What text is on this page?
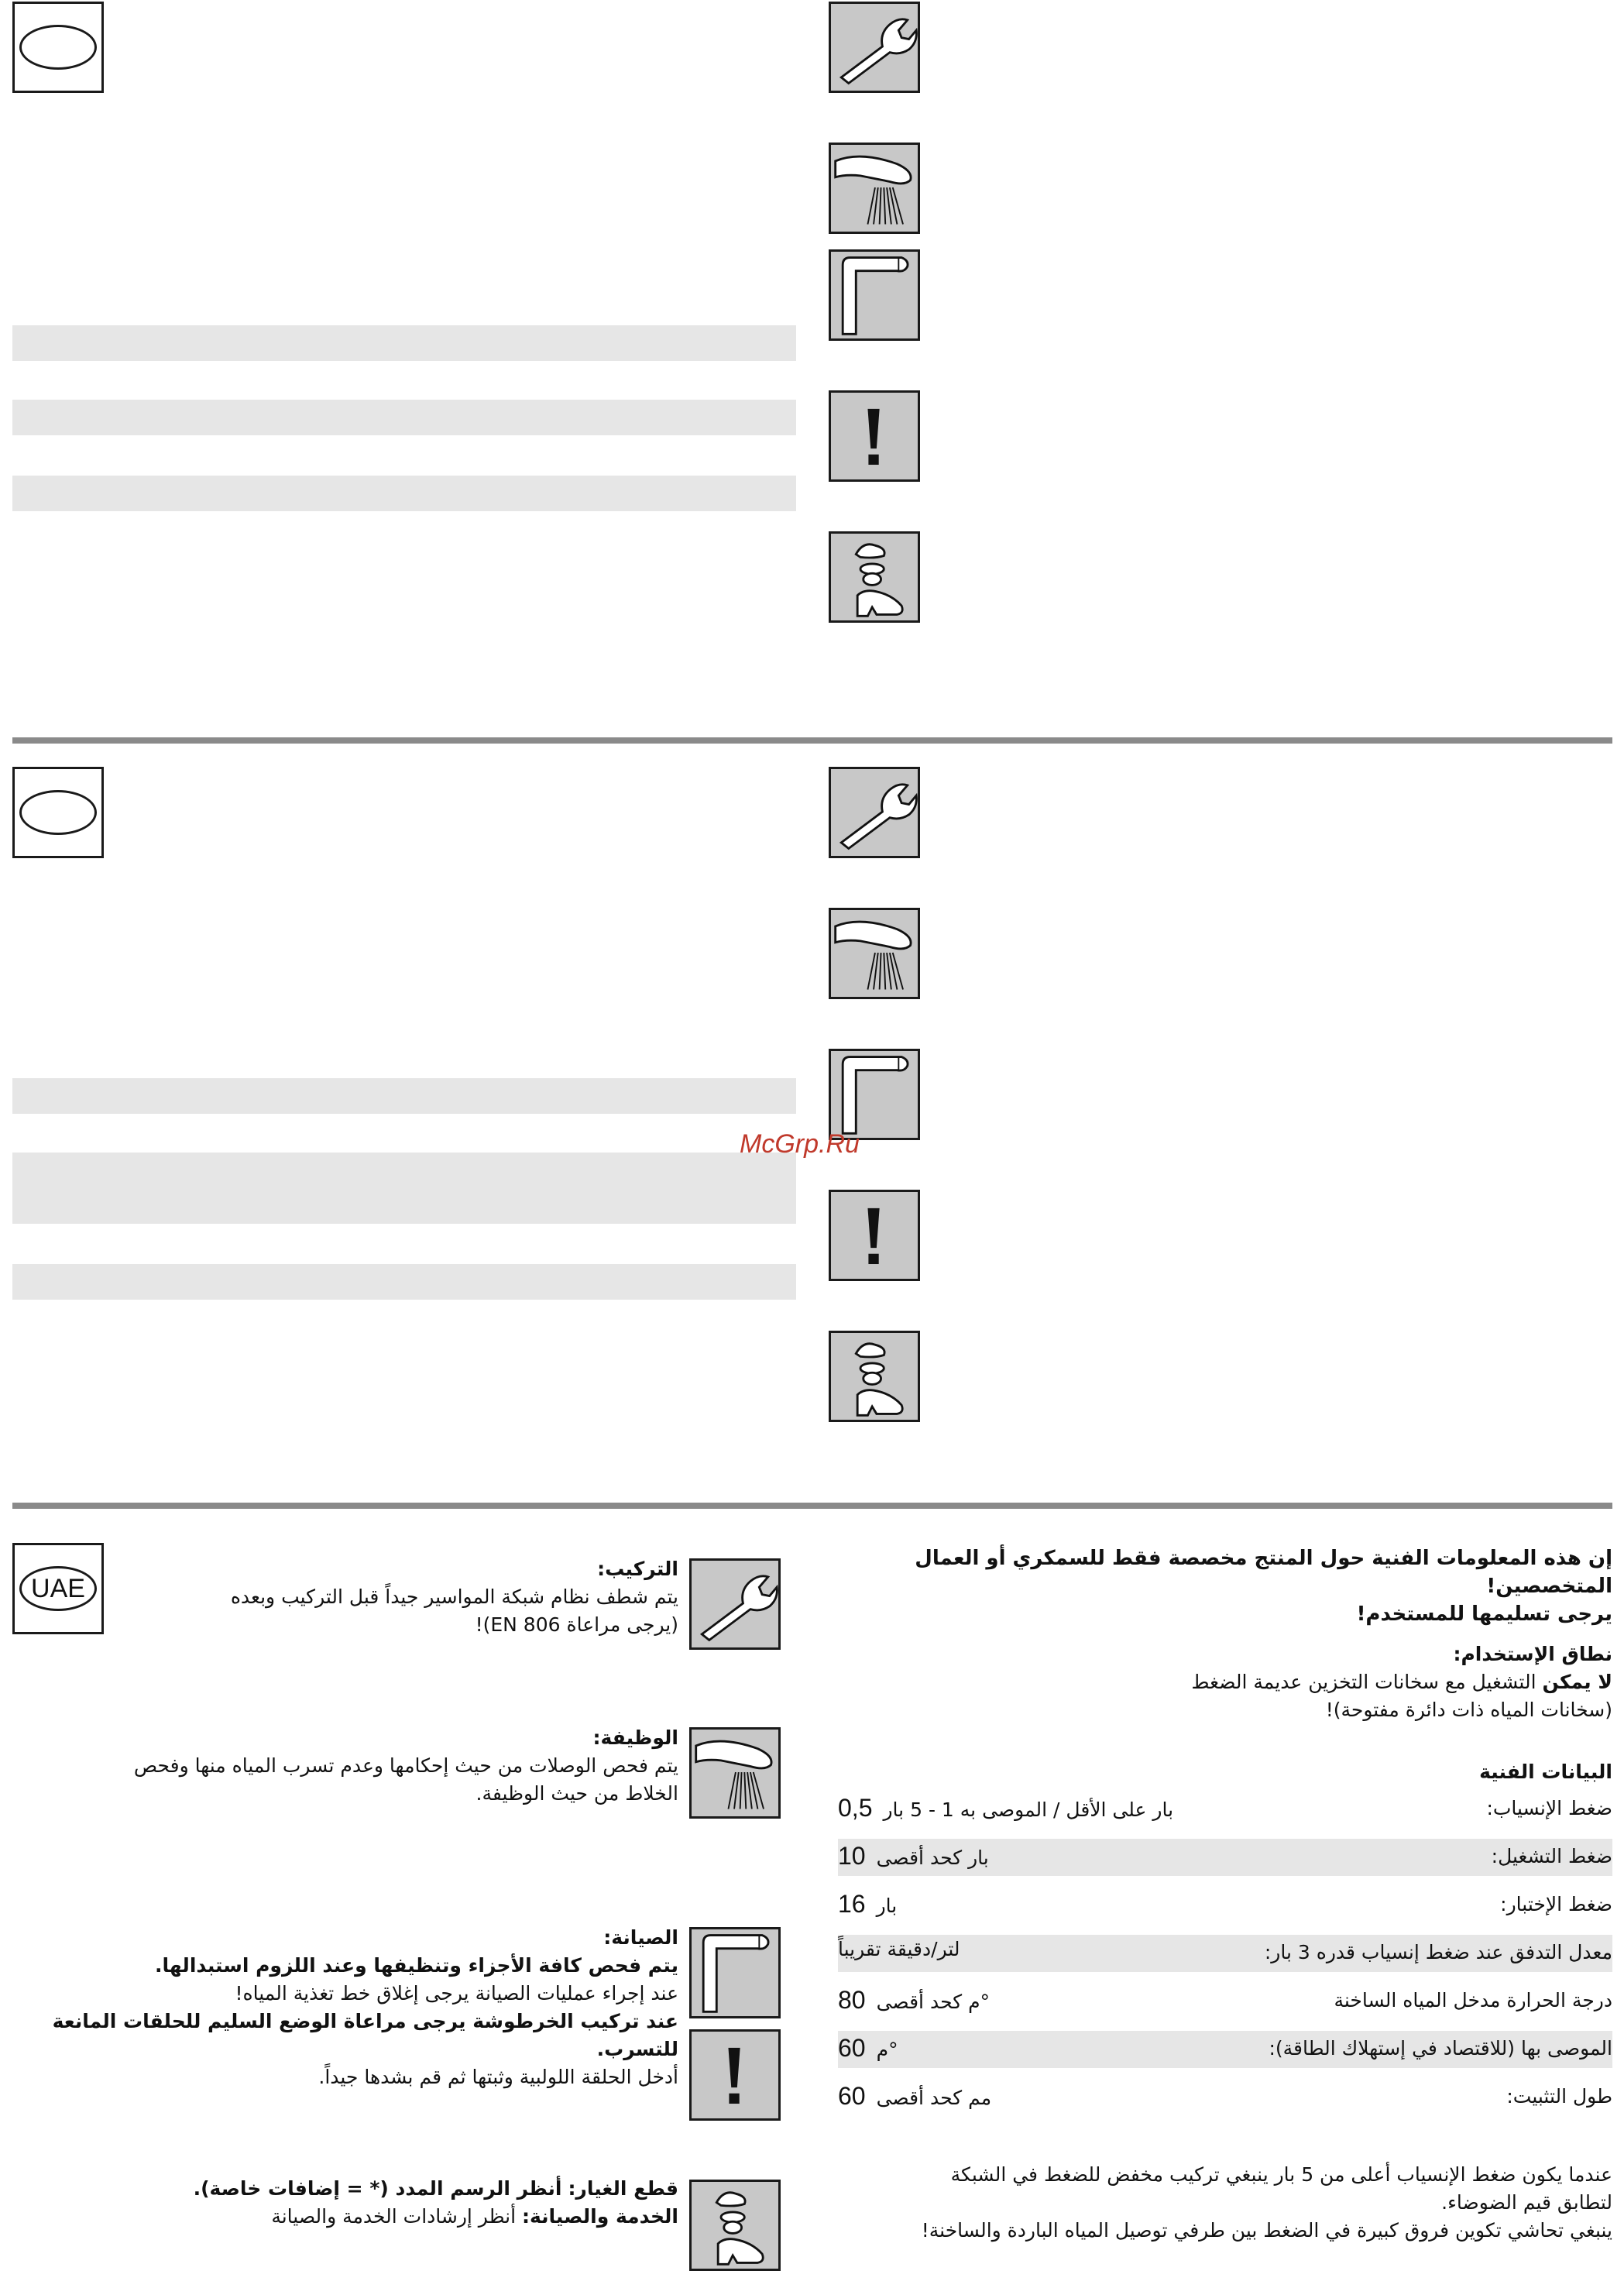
McGrp.Ru
إن هذه المعلومات الفنية حول المنتج مخصصة فقط للسمكري أو العمال المتخصصين!
يرجى تسليمها للمستخدم!
نطاق الإستخدام:
لا يمكن التشغيل مع سخانات التخزين عديمة الضغط
(سخانات المياه ذات دائرة مفتوحة)!
البيانات الفنية
بار على الأقل / الموصى به 1 - 5 بار0,5	ضغط الإنسياب:
بار كحد أقصى10	ضغط التشغيل:
بار16	ضغط الإختبار:
لتر/دقيقة تقريباً	معدل التدفق عند ضغط إنسياب قدره 3 بار:
°م كحد أقصى80	درجة الحرارة مدخل المياه الساخنة
°م60	الموصى بها (للاقتصاد في إستهلاك الطاقة):
مم كحد أقصى60	طول التثبيت:
عندما يكون ضغط الإنسياب أعلى من 5 بار ينبغي تركيب مخفض للضغط في الشبكة
لتطابق قيم الضوضاء.
ينبغي تحاشي تكوين فروق كبيرة في الضغط بين طرفي توصيل المياه الباردة والساخنة!
UAE
التركيب:
يتم شطف نظام شبكة المواسير جيداً قبل التركيب وبعده
(يرجى مراعاة EN 806)!
الوظيفة:
يتم فحص الوصلات من حيث إحكامها وعدم تسرب المياه منها وفحص
الخلاط من حيث الوظيفة.
الصيانة:
يتم فحص كافة الأجزاء وتنظيفها وعند اللزوم استبدالها.
عند إجراء عمليات الصيانة يرجى إغلاق خط تغذية المياه!
عند تركيب الخرطوشة يرجى مراعاة الوضع السليم للحلقات المانعة للتسرب.
أدخل الحلقة اللولبية وثبتها ثم قم بشدها جيداً.
قطع الغيار: أنظر الرسم المدد (* = إضافات خاصة).
الخدمة والصيانة: أنظر إرشادات الخدمة والصيانة
